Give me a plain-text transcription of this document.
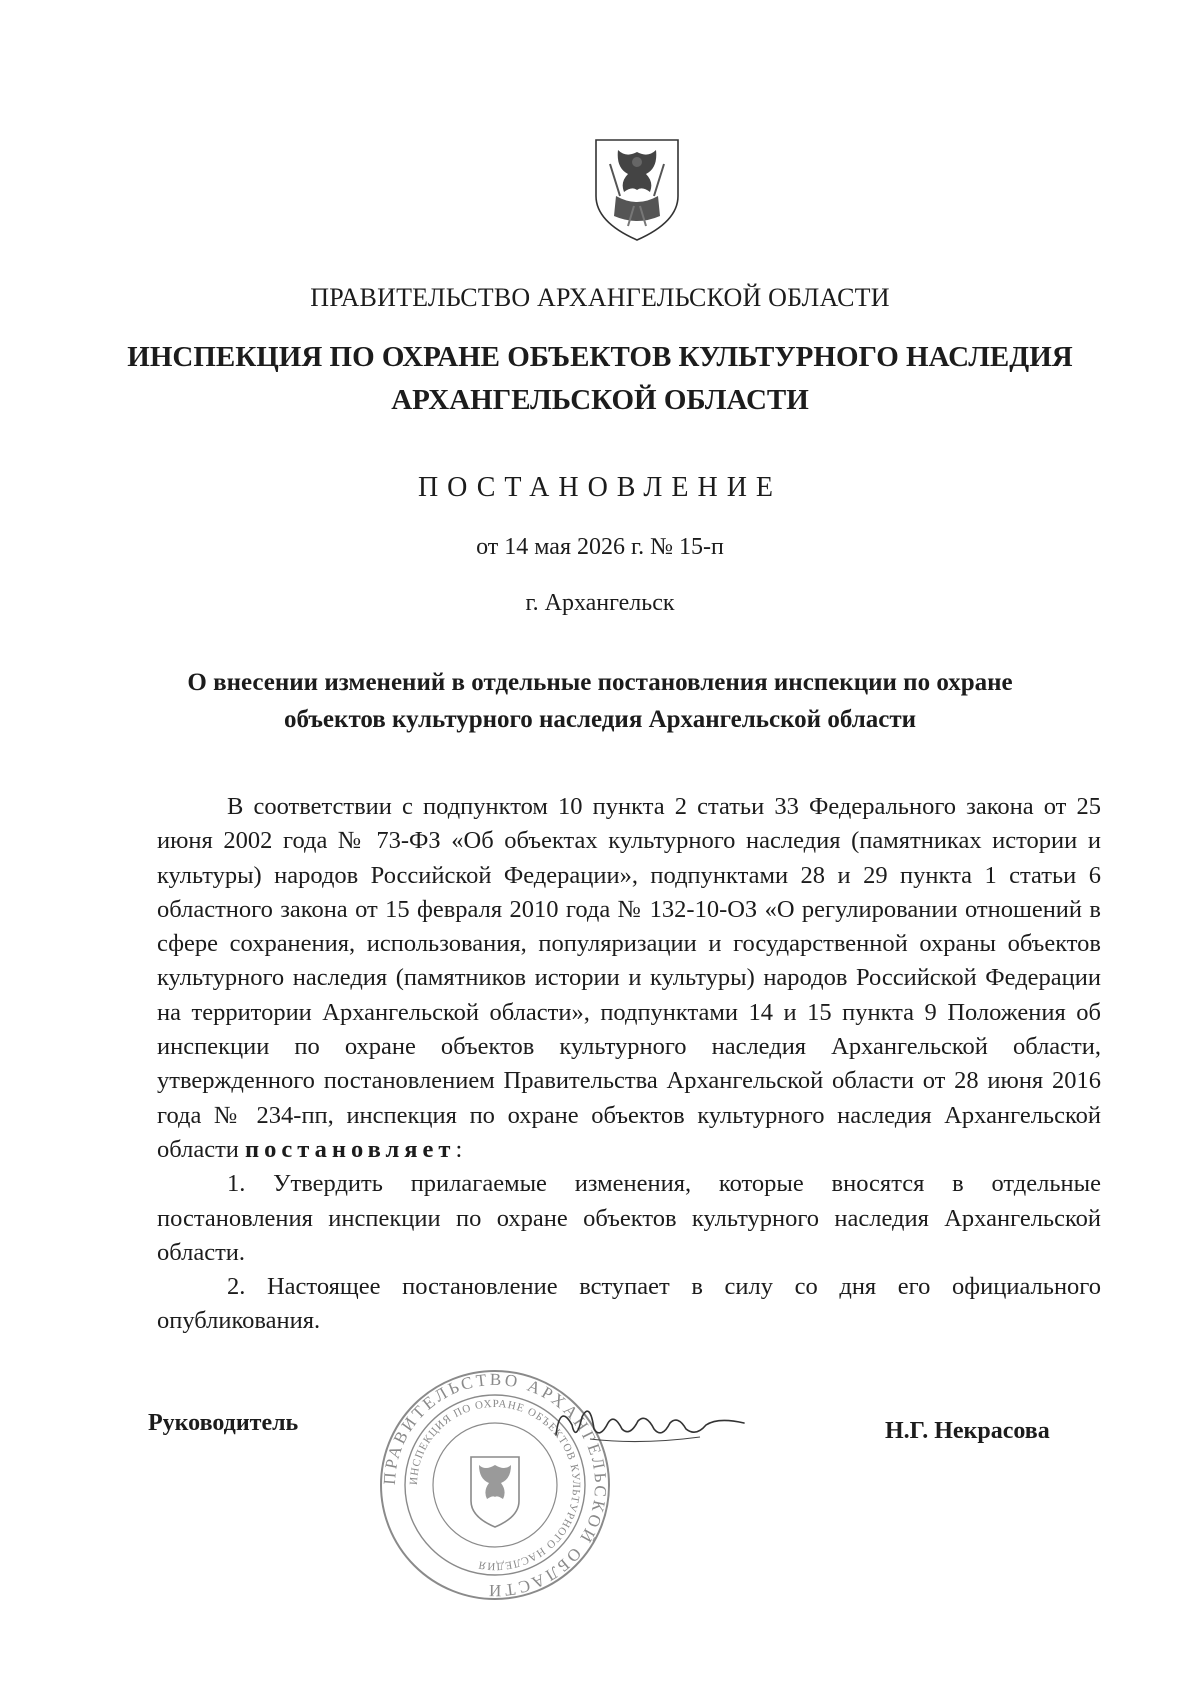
ПРАВИТЕЛЬСТВО АРХАНГЕЛЬСКОЙ ОБЛАСТИ
ИНСПЕКЦИЯ ПО ОХРАНЕ ОБЪЕКТОВ КУЛЬТУРНОГО НАСЛЕДИЯ АРХАНГЕЛЬСКОЙ ОБЛАСТИ
ПОСТАНОВЛЕНИЕ
от 14 мая 2026 г. № 15-п
г. Архангельск
О внесении изменений в отдельные постановления инспекции по охране объектов культурного наследия Архангельской области

В соответствии с подпунктом 10 пункта 2 статьи 33 Федерального закона от 25 июня 2002 года № 73-ФЗ «Об объектах культурного наследия (памятниках истории и культуры) народов Российской Федерации», подпунктами 28 и 29 пункта 1 статьи 6 областного закона от 15 февраля 2010 года № 132-10-ОЗ «О регулировании отношений в сфере сохранения, использования, популяризации и государственной охраны объектов культурного наследия (памятников истории и культуры) народов Российской Федерации на территории Архангельской области», подпунктами 14 и 15 пункта 9 Положения об инспекции по охране объектов культурного наследия Архангельской области, утвержденного постановлением Правительства Архангельской области от 28 июня 2016 года № 234-пп, инспекция по охране объектов культурного наследия Архангельской области постановляет:

1. Утвердить прилагаемые изменения, которые вносятся в отдельные постановления инспекции по охране объектов культурного наследия Архангельской области.

2. Настоящее постановление вступает в силу со дня его официального опубликования.

ПРАВИТЕЛЬСТВО АРХАНГЕЛЬСКОЙ ОБЛАСТИ
ИНСПЕКЦИЯ ПО ОХРАНЕ ОБЪЕКТОВ КУЛЬТУРНОГО НАСЛЕДИЯ
Руководитель	Н.Г. Некрасова
